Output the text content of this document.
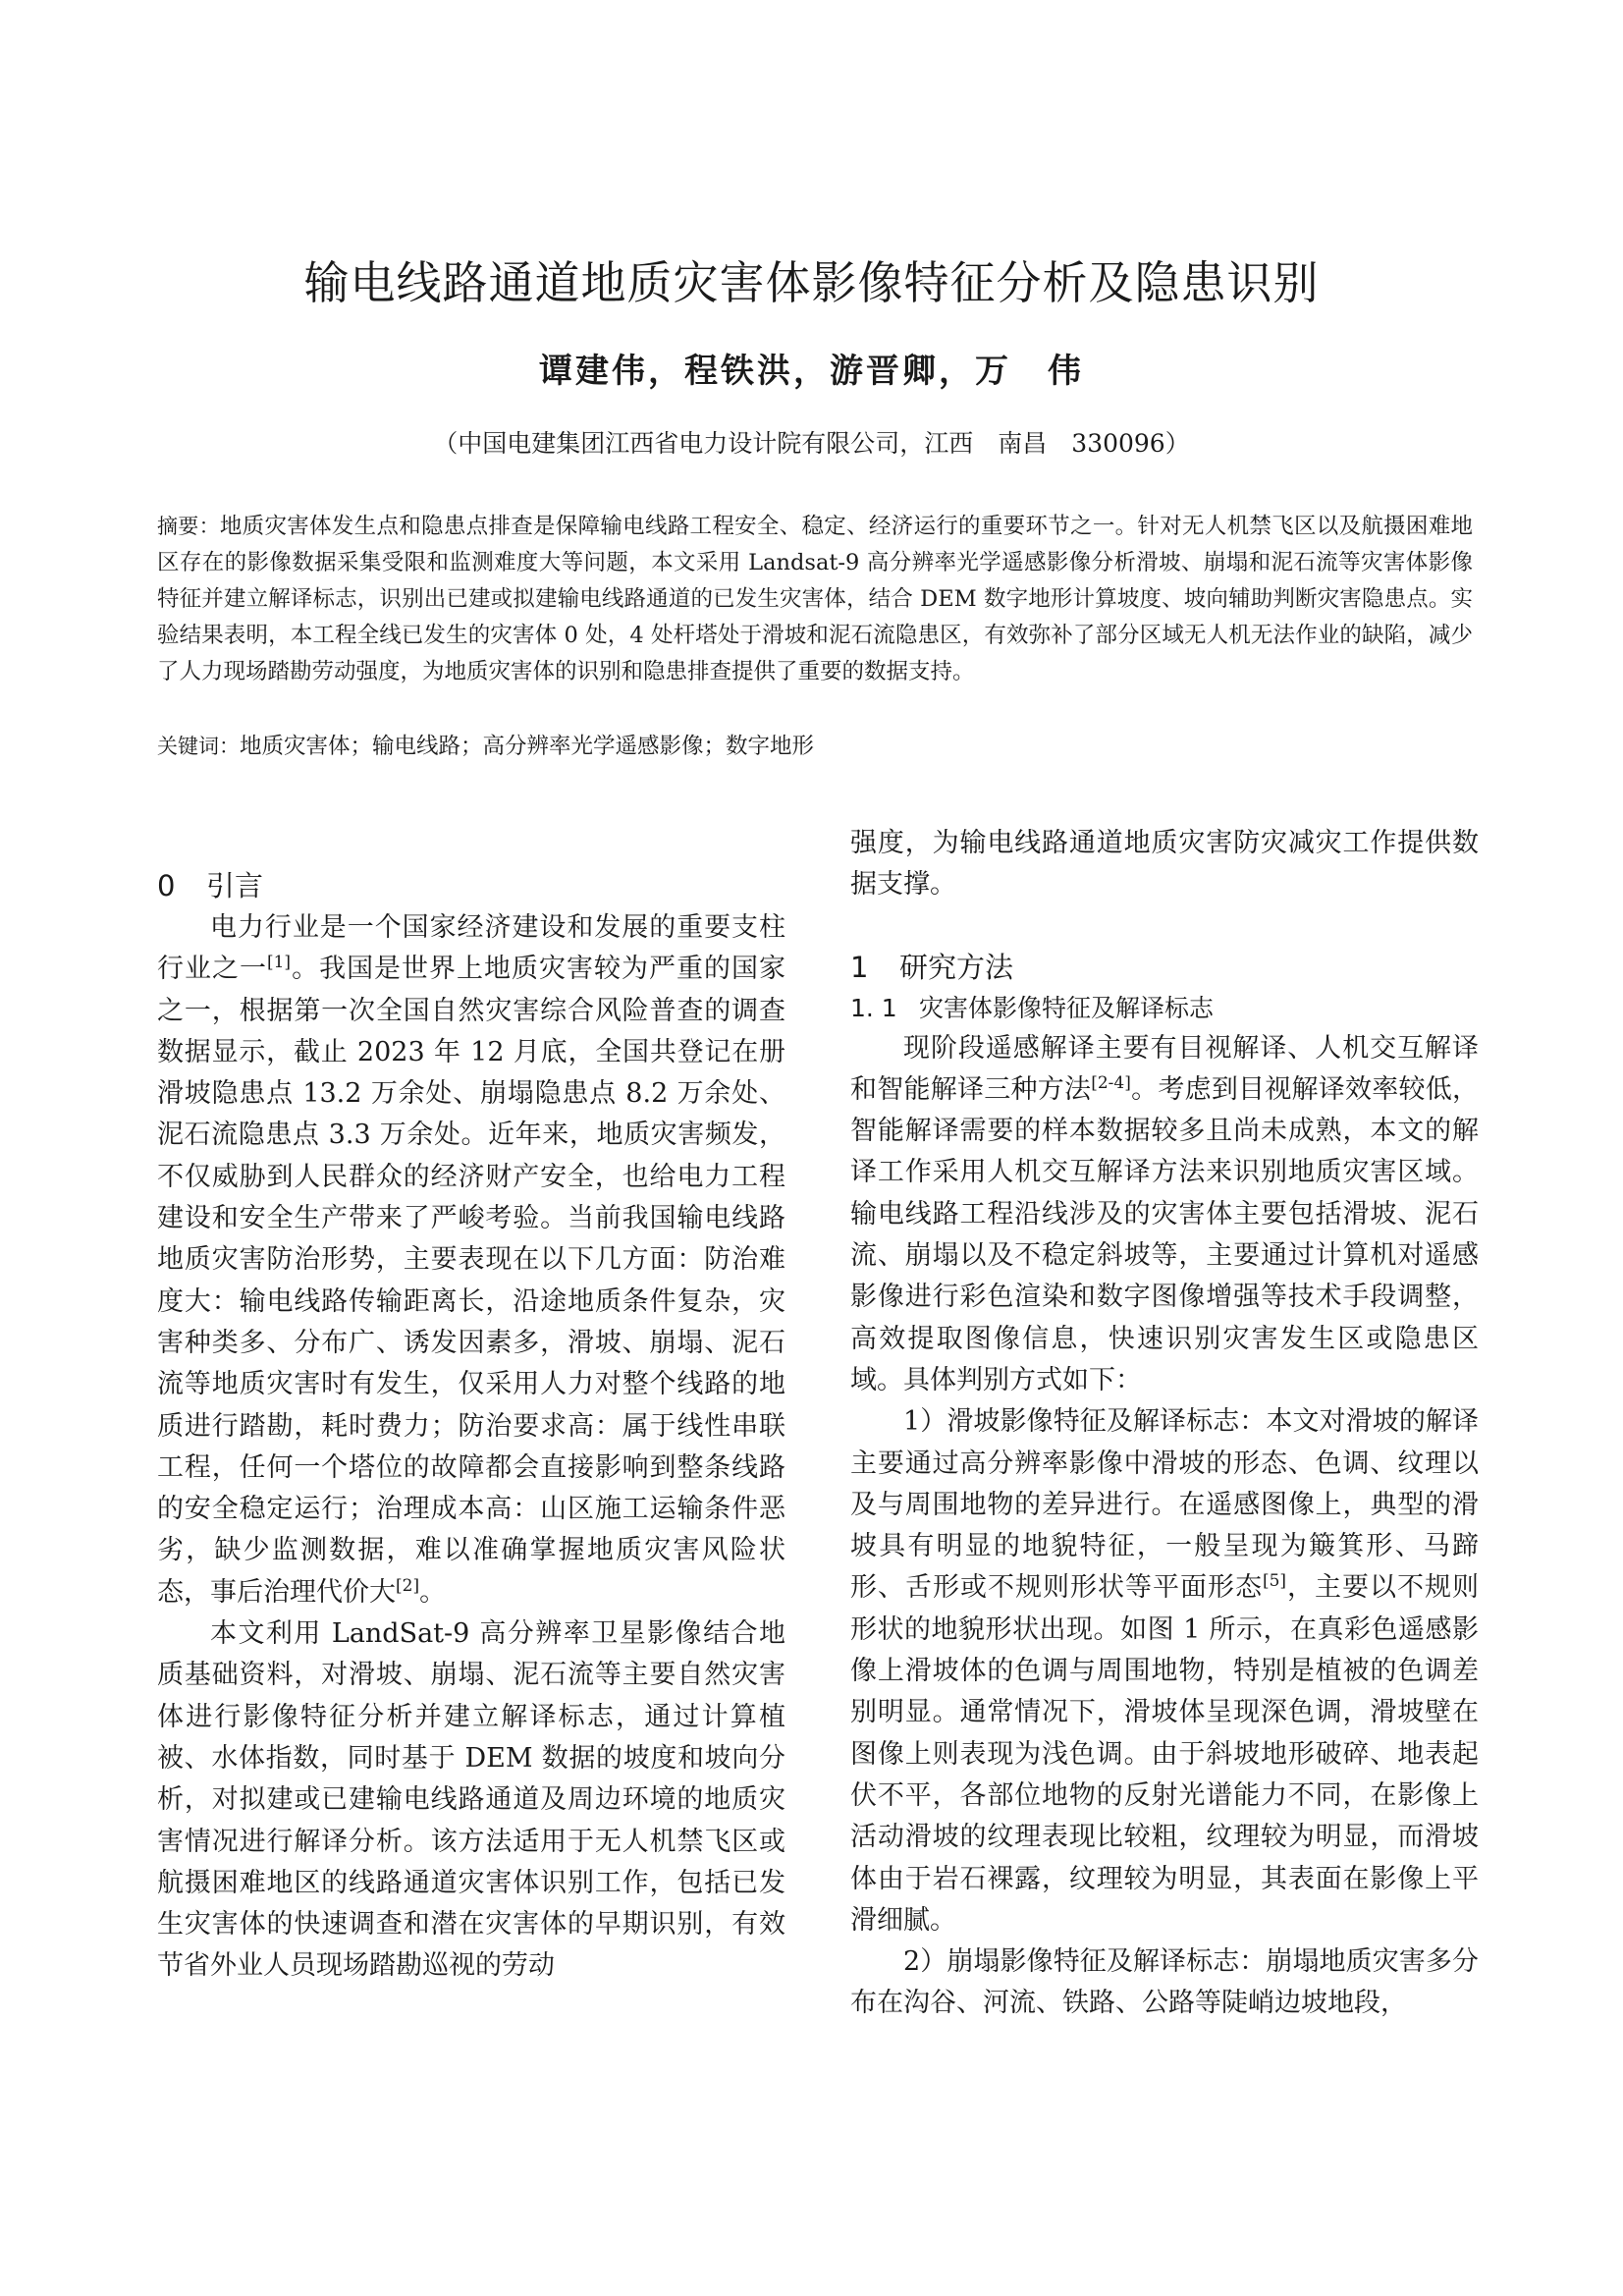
输电线路通道地质灾害体影像特征分析及隐患识别
谭建伟，程铁洪，游晋卿，万　伟
（中国电建集团江西省电力设计院有限公司，江西　南昌　330096）
摘要：地质灾害体发生点和隐患点排查是保障输电线路工程安全、稳定、经济运行的重要环节之一。针对无人机禁飞区以及航摄困难地区存在的影像数据采集受限和监测难度大等问题，本文采用 Landsat-9 高分辨率光学遥感影像分析滑坡、崩塌和泥石流等灾害体影像特征并建立解译标志，识别出已建或拟建输电线路通道的已发生灾害体，结合 DEM 数字地形计算坡度、坡向辅助判断灾害隐患点。实验结果表明，本工程全线已发生的灾害体 0 处，4 处杆塔处于滑坡和泥石流隐患区，有效弥补了部分区域无人机无法作业的缺陷，减少了人力现场踏勘劳动强度，为地质灾害体的识别和隐患排查提供了重要的数据支持。
关键词：地质灾害体；输电线路；高分辨率光学遥感影像；数字地形
0 引言

电力行业是一个国家经济建设和发展的重要支柱行业之一[1]。我国是世界上地质灾害较为严重的国家之一，根据第一次全国自然灾害综合风险普查的调查数据显示，截止 2023 年 12 月底，全国共登记在册滑坡隐患点 13.2 万余处、崩塌隐患点 8.2 万余处、泥石流隐患点 3.3 万余处。近年来，地质灾害频发，不仅威胁到人民群众的经济财产安全，也给电力工程建设和安全生产带来了严峻考验。当前我国输电线路地质灾害防治形势，主要表现在以下几方面：防治难度大：输电线路传输距离长，沿途地质条件复杂，灾害种类多、分布广、诱发因素多，滑坡、崩塌、泥石流等地质灾害时有发生，仅采用人力对整个线路的地质进行踏勘，耗时费力；防治要求高：属于线性串联工程，任何一个塔位的故障都会直接影响到整条线路的安全稳定运行；治理成本高：山区施工运输条件恶劣，缺少监测数据，难以准确掌握地质灾害风险状态，事后治理代价大[2]。

本文利用 LandSat-9 高分辨率卫星影像结合地质基础资料，对滑坡、崩塌、泥石流等主要自然灾害体进行影像特征分析并建立解译标志，通过计算植被、水体指数，同时基于 DEM 数据的坡度和坡向分析，对拟建或已建输电线路通道及周边环境的地质灾害情况进行解译分析。该方法适用于无人机禁飞区或航摄困难地区的线路通道灾害体识别工作，包括已发生灾害体的快速调查和潜在灾害体的早期识别，有效节省外业人员现场踏勘巡视的劳动

强度，为输电线路通道地质灾害防灾减灾工作提供数据支撑。

1 研究方法
1. 1 灾害体影像特征及解译标志

现阶段遥感解译主要有目视解译、人机交互解译和智能解译三种方法[2-4]。考虑到目视解译效率较低，智能解译需要的样本数据较多且尚未成熟，本文的解译工作采用人机交互解译方法来识别地质灾害区域。输电线路工程沿线涉及的灾害体主要包括滑坡、泥石流、崩塌以及不稳定斜坡等，主要通过计算机对遥感影像进行彩色渲染和数字图像增强等技术手段调整，高效提取图像信息，快速识别灾害发生区或隐患区域。具体判别方式如下：

1）滑坡影像特征及解译标志：本文对滑坡的解译主要通过高分辨率影像中滑坡的形态、色调、纹理以及与周围地物的差异进行。在遥感图像上，典型的滑坡具有明显的地貌特征，一般呈现为簸箕形、马蹄形、舌形或不规则形状等平面形态[5]，主要以不规则形状的地貌形状出现。如图 1 所示，在真彩色遥感影像上滑坡体的色调与周围地物，特别是植被的色调差别明显。通常情况下，滑坡体呈现深色调，滑坡壁在图像上则表现为浅色调。由于斜坡地形破碎、地表起伏不平，各部位地物的反射光谱能力不同，在影像上活动滑坡的纹理表现比较粗，纹理较为明显，而滑坡体由于岩石裸露，纹理较为明显，其表面在影像上平滑细腻。

2）崩塌影像特征及解译标志：崩塌地质灾害多分布在沟谷、河流、铁路、公路等陡峭边坡地段，
